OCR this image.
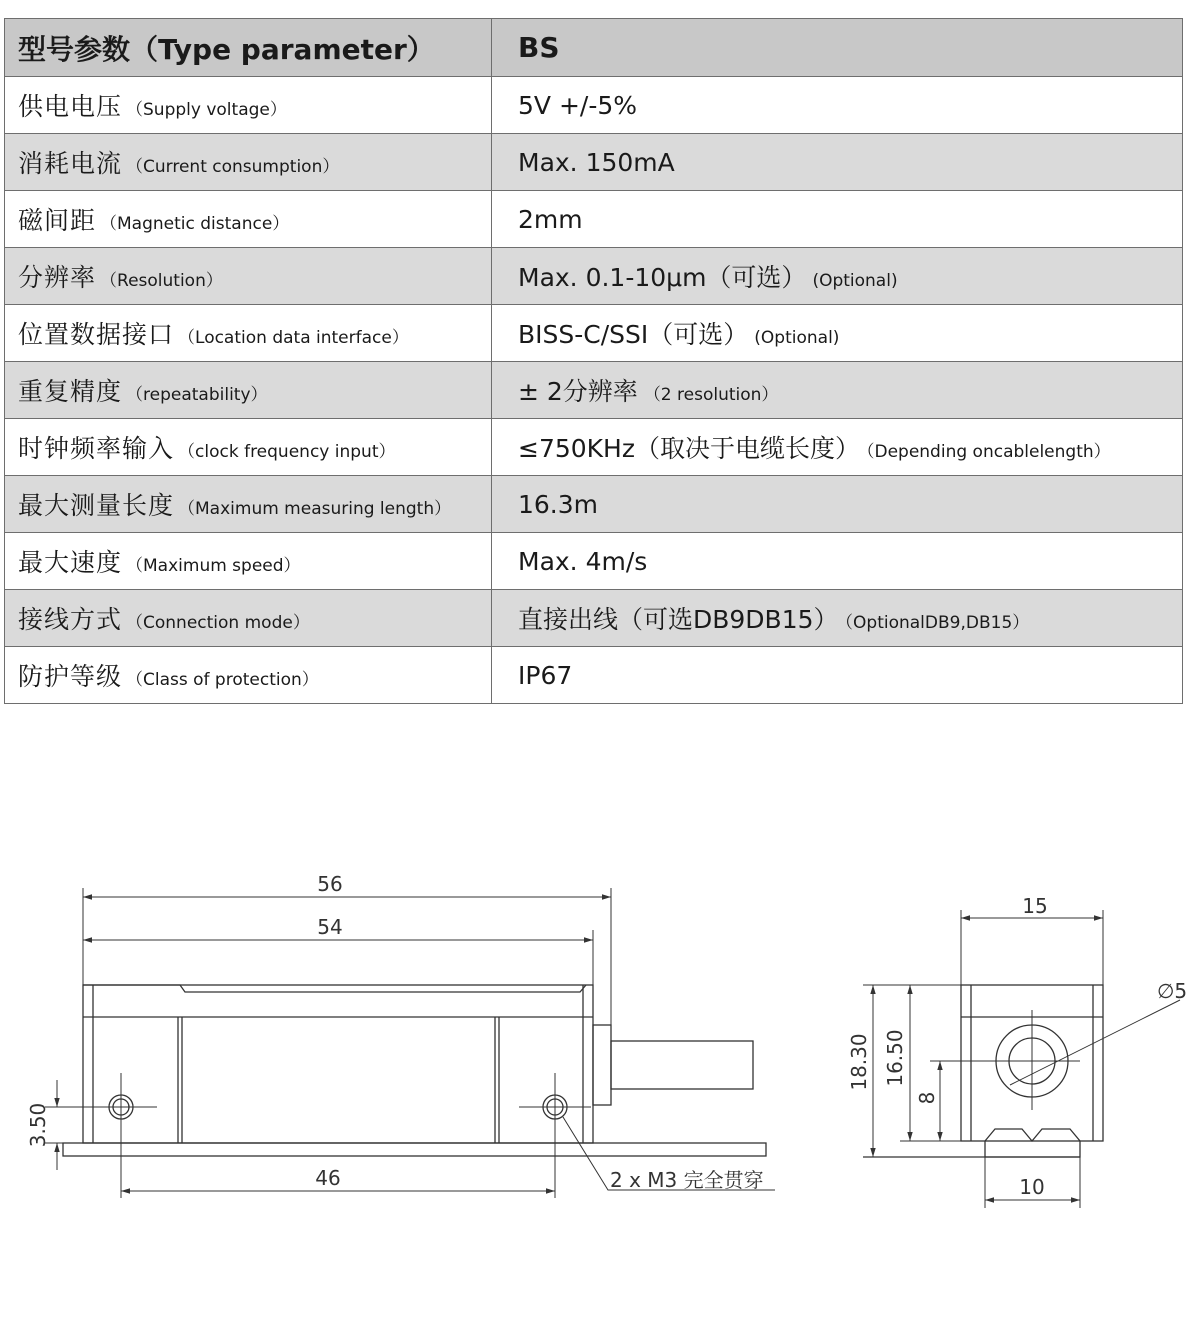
型号参数（Type parameter）	BS
供电电压 （Supply voltage）	5V +/-5%
消耗电流 （Current consumption）	Max. 150mA
磁间距 （Magnetic distance）	2mm
分辨率 （Resolution）	Max. 0.1-10μm（可选） (Optional)
位置数据接口 （Location data interface）	BISS-C/SSI（可选） (Optional)
重复精度 （repeatability）	± 2分辨率 （2 resolution）
时钟频率输入 （clock frequency input）	≤750KHz（取决于电缆长度） （Depending oncablelength）
最大测量长度 （Maximum measuring length）	16.3m
最大速度 （Maximum speed）	Max. 4m/s
接线方式 （Connection mode）	直接出线（可选DB9DB15） （OptionalDB9,DB15）
防护等级 （Class of protection）	IP67
56
54
46
3.50
2 x M3 完全贯穿
15
∅5
18.30 16.50
8
10
